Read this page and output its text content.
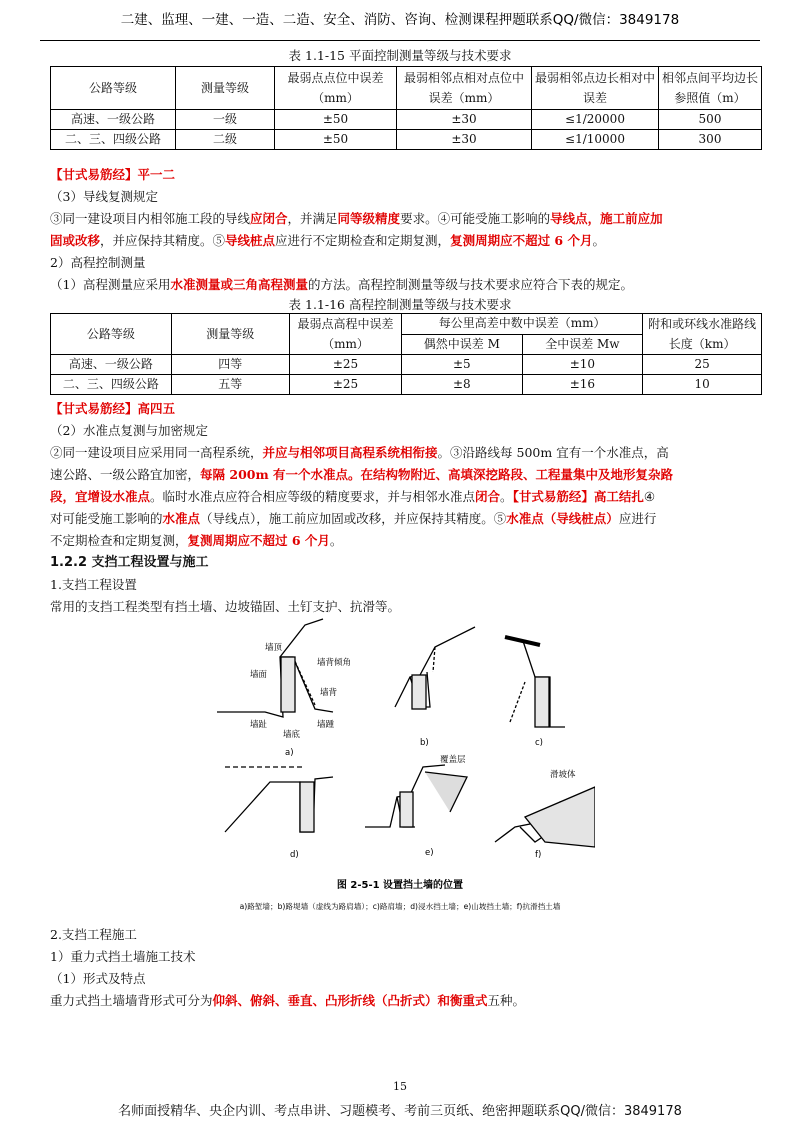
二建、监理、一建、一造、二造、安全、消防、咨询、检测课程押题联系QQ/微信：3849178
表 1.1-15 平面控制测量等级与技术要求
公路等级	测量等级	最弱点点位中误差（mm）	最弱相邻点相对点位中误差（mm）	最弱相邻点边长相对中误差	相邻点间平均边长参照值（m）
高速、一级公路	一级	±50	±30	≤1/20000	500
二、三、四级公路	二级	±50	±30	≤1/10000	300
【甘式易筋经】平一二
（3）导线复测规定
③同一建设项目内相邻施工段的导线应闭合，并满足同等级精度要求。④可能受施工影响的导线点，施工前应加
固或改移，并应保持其精度。⑤导线桩点应进行不定期检查和定期复测，复测周期应不超过 6 个月。
2）高程控制测量
（1）高程测量应采用水准测量或三角高程测量的方法。高程控制测量等级与技术要求应符合下表的规定。
表 1.1-16 高程控制测量等级与技术要求
公路等级	测量等级	最弱点高程中误差（mm）	每公里高差中数中误差（mm）		附和或环线水准路线长度（km）
			偶然中误差 M	全中误差 Mw	
高速、一级公路	四等	±25	±5	±10	25
二、三、四级公路	五等	±25	±8	±16	10
【甘式易筋经】高四五
（2）水准点复测与加密规定
②同一建设项目应采用同一高程系统，并应与相邻项目高程系统相衔接。③沿路线每 500m 宜有一个水准点，高
速公路、一级公路宜加密，每隔 200m 有一个水准点。在结构物附近、高填深挖路段、工程量集中及地形复杂路
段，宜增设水准点。临时水准点应符合相应等级的精度要求，并与相邻水准点闭合。【甘式易筋经】高工结扎④
对可能受施工影响的水准点（导线点），施工前应加固或改移，并应保持其精度。⑤水准点（导线桩点）应进行
不定期检查和定期复测，复测周期应不超过 6 个月。
1.2.2 支挡工程设置与施工
1.支挡工程设置
常用的支挡工程类型有挡土墙、边坡锚固、土钉支护、抗滑等。
墙顶
墙面
墙背倾角
墙背
墙趾
墙底
墙踵
覆盖层
滑坡体
a)
b)	c)
d)	e)	f)
图 2-5-1 设置挡土墙的位置
a)路堑墙；b)路堤墙（虚线为路肩墙）；c)路肩墙；d)浸水挡土墙；e)山坡挡土墙；f)抗滑挡土墙
2.支挡工程施工
1）重力式挡土墙施工技术
（1）形式及特点
重力式挡土墙墙背形式可分为仰斜、俯斜、垂直、凸形折线（凸折式）和衡重式五种。
15
名师面授精华、央企内训、考点串讲、习题模考、考前三页纸、绝密押题联系QQ/微信：3849178
